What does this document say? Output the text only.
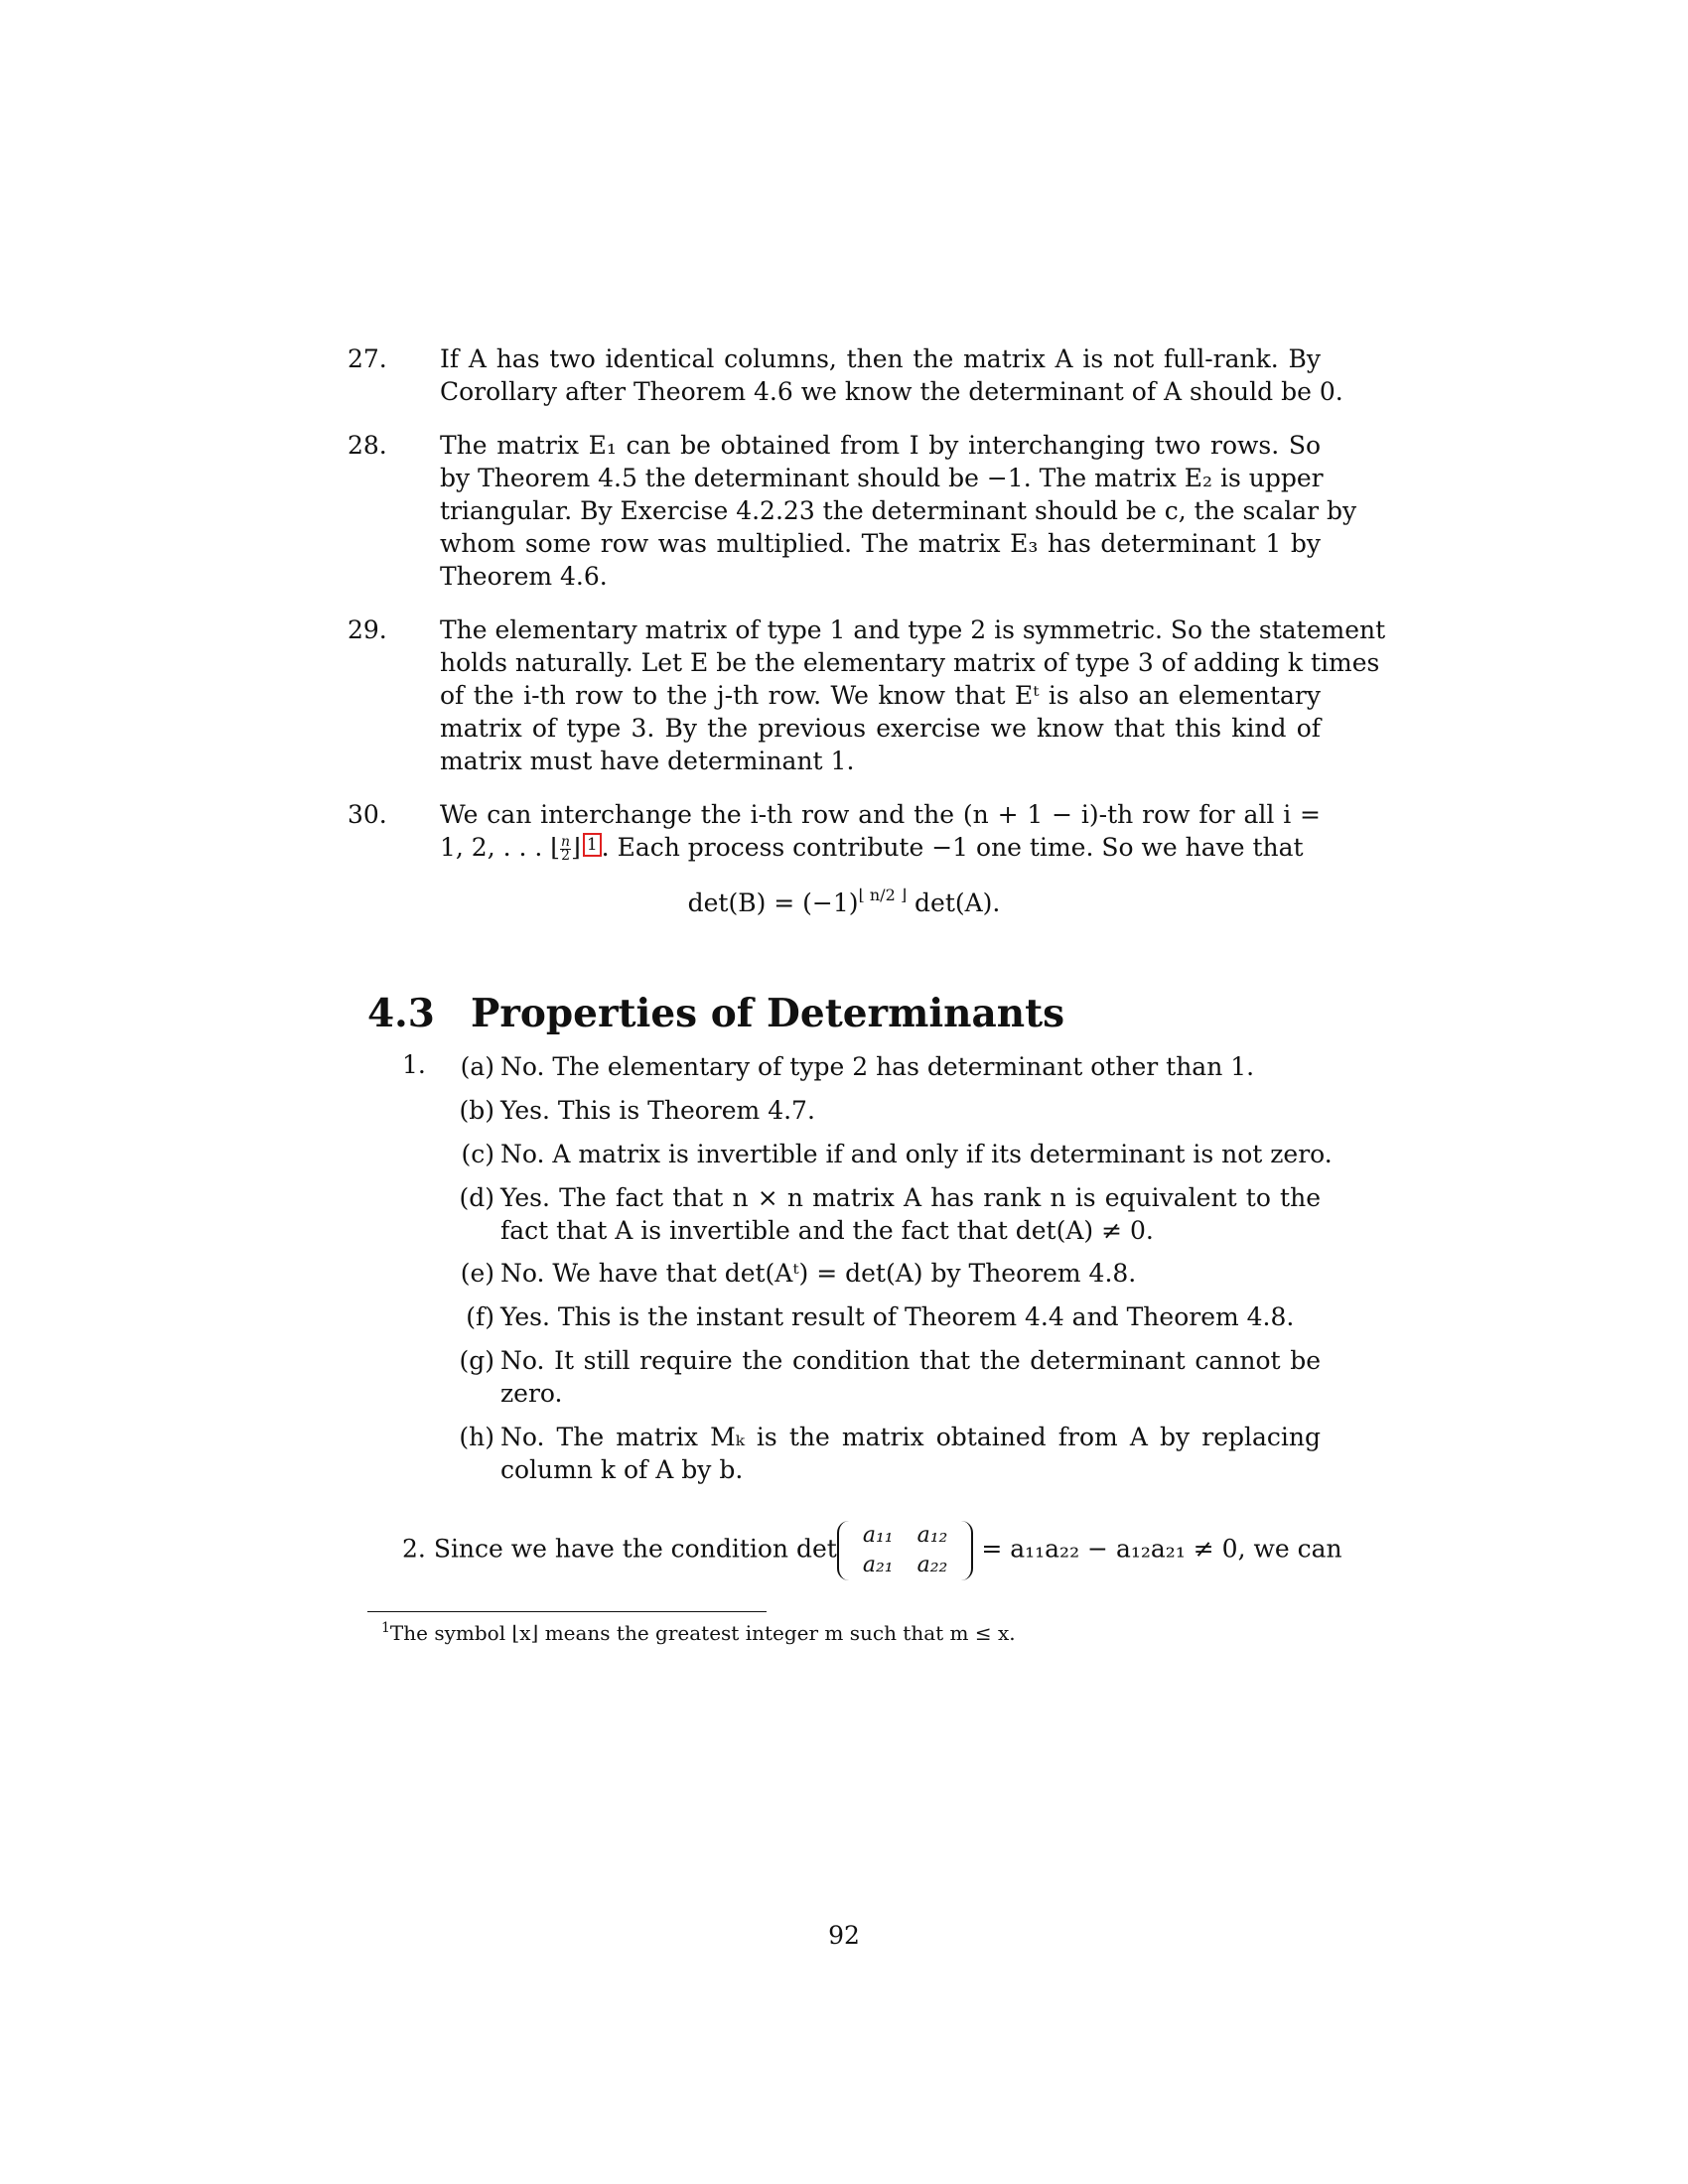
27. If A has two identical columns, then the matrix A is not full-rank. By
Corollary after Theorem 4.6 we know the determinant of A should be 0.
28. The matrix E₁ can be obtained from I by interchanging two rows. So
by Theorem 4.5 the determinant should be −1. The matrix E₂ is upper
triangular. By Exercise 4.2.23 the determinant should be c, the scalar by
whom some row was multiplied. The matrix E₃ has determinant 1 by
Theorem 4.6.
29. The elementary matrix of type 1 and type 2 is symmetric. So the statement
holds naturally. Let E be the elementary matrix of type 3 of adding k times
of the i-th row to the j-th row. We know that Eᵗ is also an elementary
matrix of type 3. By the previous exercise we know that this kind of
matrix must have determinant 1.
30. We can interchange the i-th row and the (n + 1 − i)-th row for all i =
1, 2, . . . ⌊ $\frac{n}{2}$ ⌋ 1 . Each process contribute −1 one time. So we have that
$\det(B) = (-1)^{⌊ n/2 ⌋}$ det(A).
4.3 Properties of Determinants
1.	(a) No. The elementary of type 2 has determinant other than 1.
(b) Yes. This is Theorem 4.7.
(c) No. A matrix is invertible if and only if its determinant is not zero.
(d) Yes. The fact that n × n matrix A has rank n is equivalent to the
fact that A is invertible and the fact that det(A) ≠ 0.
(e) No. We have that det(Aᵗ) = det(A) by Theorem 4.8.
(f) Yes. This is the instant result of Theorem 4.4 and Theorem 4.8.
(g) No. It still require the condition that the determinant cannot be
zero.
(h) No. The matrix Mₖ is the matrix obtained from A by replacing
column k of A by b.
2. Since we have the condition det a₁₁	a₁₂
a₂₁	a₂₂
= a₁₁a₂₂ − a₁₂a₂₁ ≠ 0, we can
$^1$The symbol ⌊x⌋ means the greatest integer m such that m ≤ x.
92
